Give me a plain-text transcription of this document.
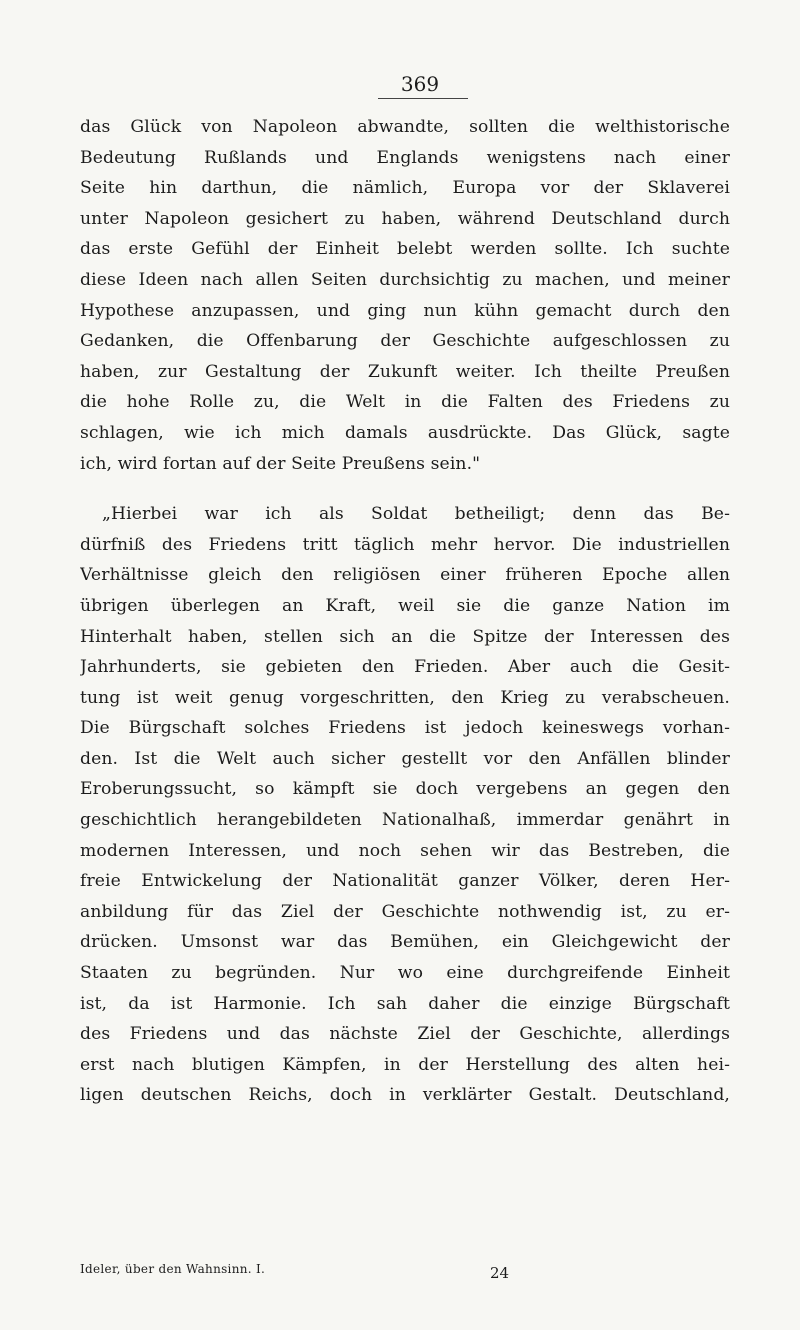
369
das Glück von Napoleon abwandte, sollten die welthistorische
Bedeutung Rußlands und Englands wenigstens nach einer
Seite hin darthun, die nämlich, Europa vor der Sklaverei
unter Napoleon gesichert zu haben, während Deutschland durch
das erste Gefühl der Einheit belebt werden sollte. Ich suchte
diese Ideen nach allen Seiten durchsichtig zu machen, und meiner
Hypothese anzupassen, und ging nun kühn gemacht durch den
Gedanken, die Offenbarung der Geschichte aufgeschlossen zu
haben, zur Gestaltung der Zukunft weiter. Ich theilte Preußen
die hohe Rolle zu, die Welt in die Falten des Friedens zu
schlagen, wie ich mich damals ausdrückte. Das Glück, sagte
ich, wird fortan auf der Seite Preußens sein."
„Hierbei war ich als Soldat betheiligt; denn das Be-
dürfniß des Friedens tritt täglich mehr hervor. Die industriellen
Verhältnisse gleich den religiösen einer früheren Epoche allen
übrigen überlegen an Kraft, weil sie die ganze Nation im
Hinterhalt haben, stellen sich an die Spitze der Interessen des
Jahrhunderts, sie gebieten den Frieden. Aber auch die Gesit-
tung ist weit genug vorgeschritten, den Krieg zu verabscheuen.
Die Bürgschaft solches Friedens ist jedoch keineswegs vorhan-
den. Ist die Welt auch sicher gestellt vor den Anfällen blinder
Eroberungssucht, so kämpft sie doch vergebens an gegen den
geschichtlich herangebildeten Nationalhaß, immerdar genährt in
modernen Interessen, und noch sehen wir das Bestreben, die
freie Entwickelung der Nationalität ganzer Völker, deren Her-
anbildung für das Ziel der Geschichte nothwendig ist, zu er-
drücken. Umsonst war das Bemühen, ein Gleichgewicht der
Staaten zu begründen. Nur wo eine durchgreifende Einheit
ist, da ist Harmonie. Ich sah daher die einzige Bürgschaft
des Friedens und das nächste Ziel der Geschichte, allerdings
erst nach blutigen Kämpfen, in der Herstellung des alten hei-
ligen deutschen Reichs, doch in verklärter Gestalt. Deutschland,
Ideler, über den Wahnsinn. I.	24
